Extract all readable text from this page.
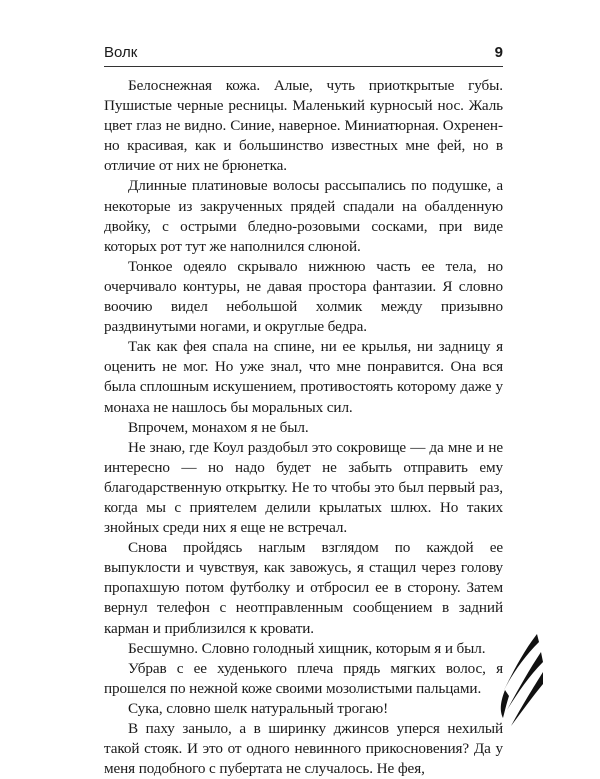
Волк	9

Белоснежная кожа. Алые, чуть приоткрытые губы. Пушистые черные ресницы. Маленький курносый нос. Жаль цвет глаз не видно. Синие, наверное. Миниатюрная. Охрененно красивая, как и большинство известных мне фей, но в отличие от них не брюнетка.

Длинные платиновые волосы рассыпались по подушке, а некоторые из закрученных прядей спадали на обалденную двойку, с острыми бледно-розовыми сосками, при виде которых рот тут же наполнился слюной.

Тонкое одеяло скрывало нижнюю часть ее тела, но очерчивало контуры, не давая простора фантазии. Я словно воочию видел небольшой холмик между призывно раздвинутыми ногами, и округлые бедра.

Так как фея спала на спине, ни ее крылья, ни задницу я оценить не мог. Но уже знал, что мне понравится. Она вся была сплошным искушением, противостоять которому даже у монаха не нашлось бы моральных сил.

Впрочем, монахом я не был.

Не знаю, где Коул раздобыл это сокровище — да мне и не интересно — но надо будет не забыть отправить ему благодарственную открытку. Не то чтобы это был первый раз, когда мы с приятелем делили крылатых шлюх. Но таких знойных среди них я еще не встречал.

Снова пройдясь наглым взглядом по каждой ее выпуклости и чувствуя, как завожусь, я стащил через голову пропахшую потом футболку и отбросил ее в сторону. Затем вернул телефон с неотправленным сообщением в задний карман и приблизился к кровати.

Бесшумно. Словно голодный хищник, которым я и был.

Убрав с ее худенького плеча прядь мягких волос, я прошелся по нежной коже своими мозолистыми пальцами.

Сука, словно шелк натуральный трогаю!

В паху заныло, а в ширинку джинсов уперся нехилый такой стояк. И это от одного невинного прикосновения? Да у меня подобного с пубертата не случалось. Не фея,
